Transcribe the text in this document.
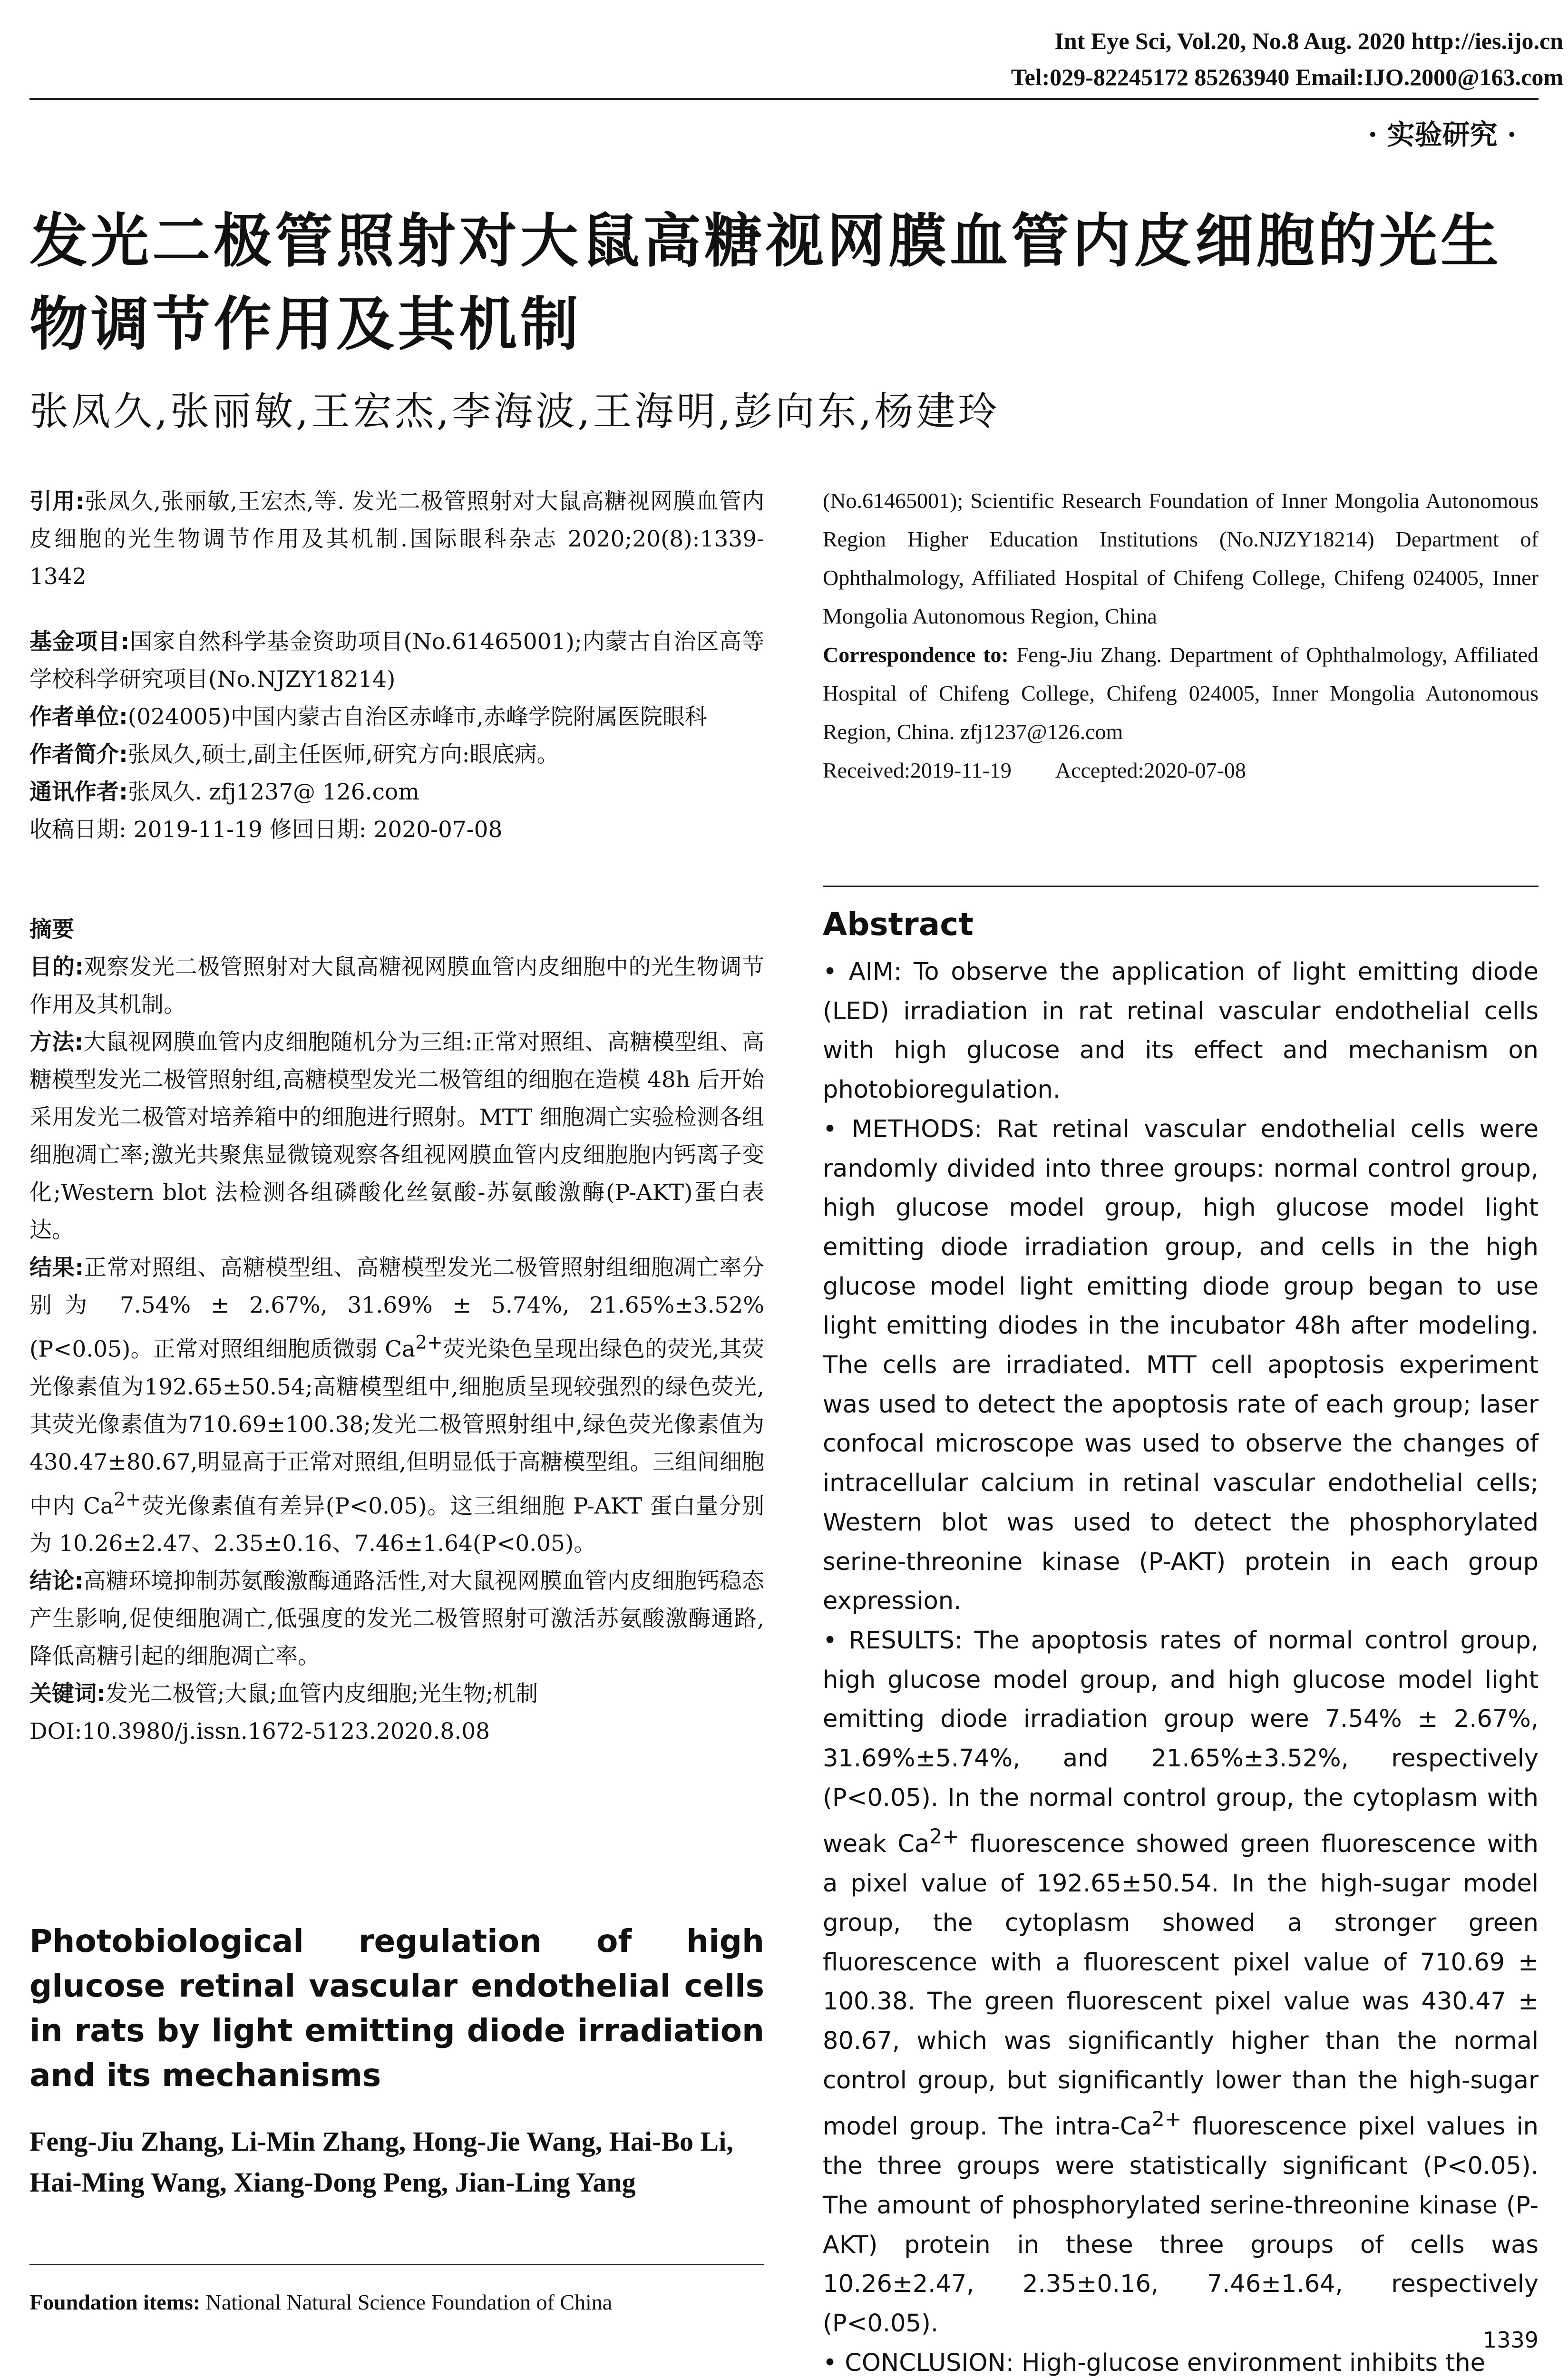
Int Eye Sci, Vol.20, No.8 Aug. 2020 http://ies.ijo.cn
Tel:029-82245172 85263940 Email:IJO.2000@163.com
· 实验研究 ·
发光二极管照射对大鼠高糖视网膜血管内皮细胞的光生物调节作用及其机制
张凤久,张丽敏,王宏杰,李海波,王海明,彭向东,杨建玲

引用:张凤久,张丽敏,王宏杰,等. 发光二极管照射对大鼠高糖视网膜血管内皮细胞的光生物调节作用及其机制.国际眼科杂志 2020;20(8):1339-1342

基金项目:国家自然科学基金资助项目(No.61465001);内蒙古自治区高等学校科学研究项目(No.NJZY18214)

作者单位:(024005)中国内蒙古自治区赤峰市,赤峰学院附属医院眼科

作者简介:张凤久,硕士,副主任医师,研究方向:眼底病。

通讯作者:张凤久. zfj1237@ 126.com

收稿日期: 2019-11-19 修回日期: 2020-07-08

摘要

目的:观察发光二极管照射对大鼠高糖视网膜血管内皮细胞中的光生物调节作用及其机制。

方法:大鼠视网膜血管内皮细胞随机分为三组:正常对照组、高糖模型组、高糖模型发光二极管照射组,高糖模型发光二极管组的细胞在造模 48h 后开始采用发光二极管对培养箱中的细胞进行照射。MTT 细胞凋亡实验检测各组细胞凋亡率;激光共聚焦显微镜观察各组视网膜血管内皮细胞胞内钙离子变化;Western blot 法检测各组磷酸化丝氨酸-苏氨酸激酶(P-AKT)蛋白表达。

结果:正常对照组、高糖模型组、高糖模型发光二极管照射组细胞凋亡率分别为 7.54% ± 2.67%, 31.69% ± 5.74%, 21.65%±3.52%(P<0.05)。正常对照组细胞质微弱 $Ca^{2+}$荧光染色呈现出绿色的荧光,其荧光像素值为192.65±50.54;高糖模型组中,细胞质呈现较强烈的绿色荧光,其荧光像素值为710.69±100.38;发光二极管照射组中,绿色荧光像素值为 430.47±80.67,明显高于正常对照组,但明显低于高糖模型组。三组间细胞中内 $Ca^{2+}$荧光像素值有差异(P<0.05)。这三组细胞 P-AKT 蛋白量分别为 10.26±2.47、2.35±0.16、7.46±1.64(P<0.05)。

结论:高糖环境抑制苏氨酸激酶通路活性,对大鼠视网膜血管内皮细胞钙稳态产生影响,促使细胞凋亡,低强度的发光二极管照射可激活苏氨酸激酶通路,降低高糖引起的细胞凋亡率。

关键词:发光二极管;大鼠;血管内皮细胞;光生物;机制

DOI:10.3980/j.issn.1672-5123.2020.8.08

Photobiological regulation of high glucose retinal vascular endothelial cells in rats by light emitting diode irradiation and its mechanisms
Feng-Jiu Zhang, Li-Min Zhang, Hong-Jie Wang, Hai-Bo Li, Hai-Ming Wang, Xiang-Dong Peng, Jian-Ling Yang
Foundation items: National Natural Science Foundation of China

(No.61465001); Scientific Research Foundation of Inner Mongolia Autonomous Region Higher Education Institutions (No.NJZY18214) Department of Ophthalmology, Affiliated Hospital of Chifeng College, Chifeng 024005, Inner Mongolia Autonomous Region, China

Correspondence to: Feng-Jiu Zhang. Department of Ophthalmology, Affiliated Hospital of Chifeng College, Chifeng 024005, Inner Mongolia Autonomous Region, China. zfj1237@126.com

Received:2019-11-19 Accepted:2020-07-08

Abstract

• AIM: To observe the application of light emitting diode (LED) irradiation in rat retinal vascular endothelial cells with high glucose and its effect and mechanism on photobioregulation.

• METHODS: Rat retinal vascular endothelial cells were randomly divided into three groups: normal control group, high glucose model group, high glucose model light emitting diode irradiation group, and cells in the high glucose model light emitting diode group began to use light emitting diodes in the incubator 48h after modeling. The cells are irradiated. MTT cell apoptosis experiment was used to detect the apoptosis rate of each group; laser confocal microscope was used to observe the changes of intracellular calcium in retinal vascular endothelial cells; Western blot was used to detect the phosphorylated serine-threonine kinase (P-AKT) protein in each group expression.

• RESULTS: The apoptosis rates of normal control group, high glucose model group, and high glucose model light emitting diode irradiation group were 7.54% ± 2.67%, 31.69%±5.74%, and 21.65%±3.52%, respectively (P<0.05). In the normal control group, the cytoplasm with weak $Ca^{2+}$ fluorescence showed green fluorescence with a pixel value of 192.65±50.54. In the high-sugar model group, the cytoplasm showed a stronger green fluorescence with a fluorescent pixel value of 710.69 ± 100.38. The green fluorescent pixel value was 430.47 ± 80.67, which was significantly higher than the normal control group, but significantly lower than the high-sugar model group. The intra-$Ca^{2+}$ fluorescence pixel values in the three groups were statistically significant (P<0.05). The amount of phosphorylated serine-threonine kinase (P-AKT) protein in these three groups of cells was 10.26±2.47, 2.35±0.16, 7.46±1.64, respectively (P<0.05).

• CONCLUSION: High-glucose environment inhibits the

1339
